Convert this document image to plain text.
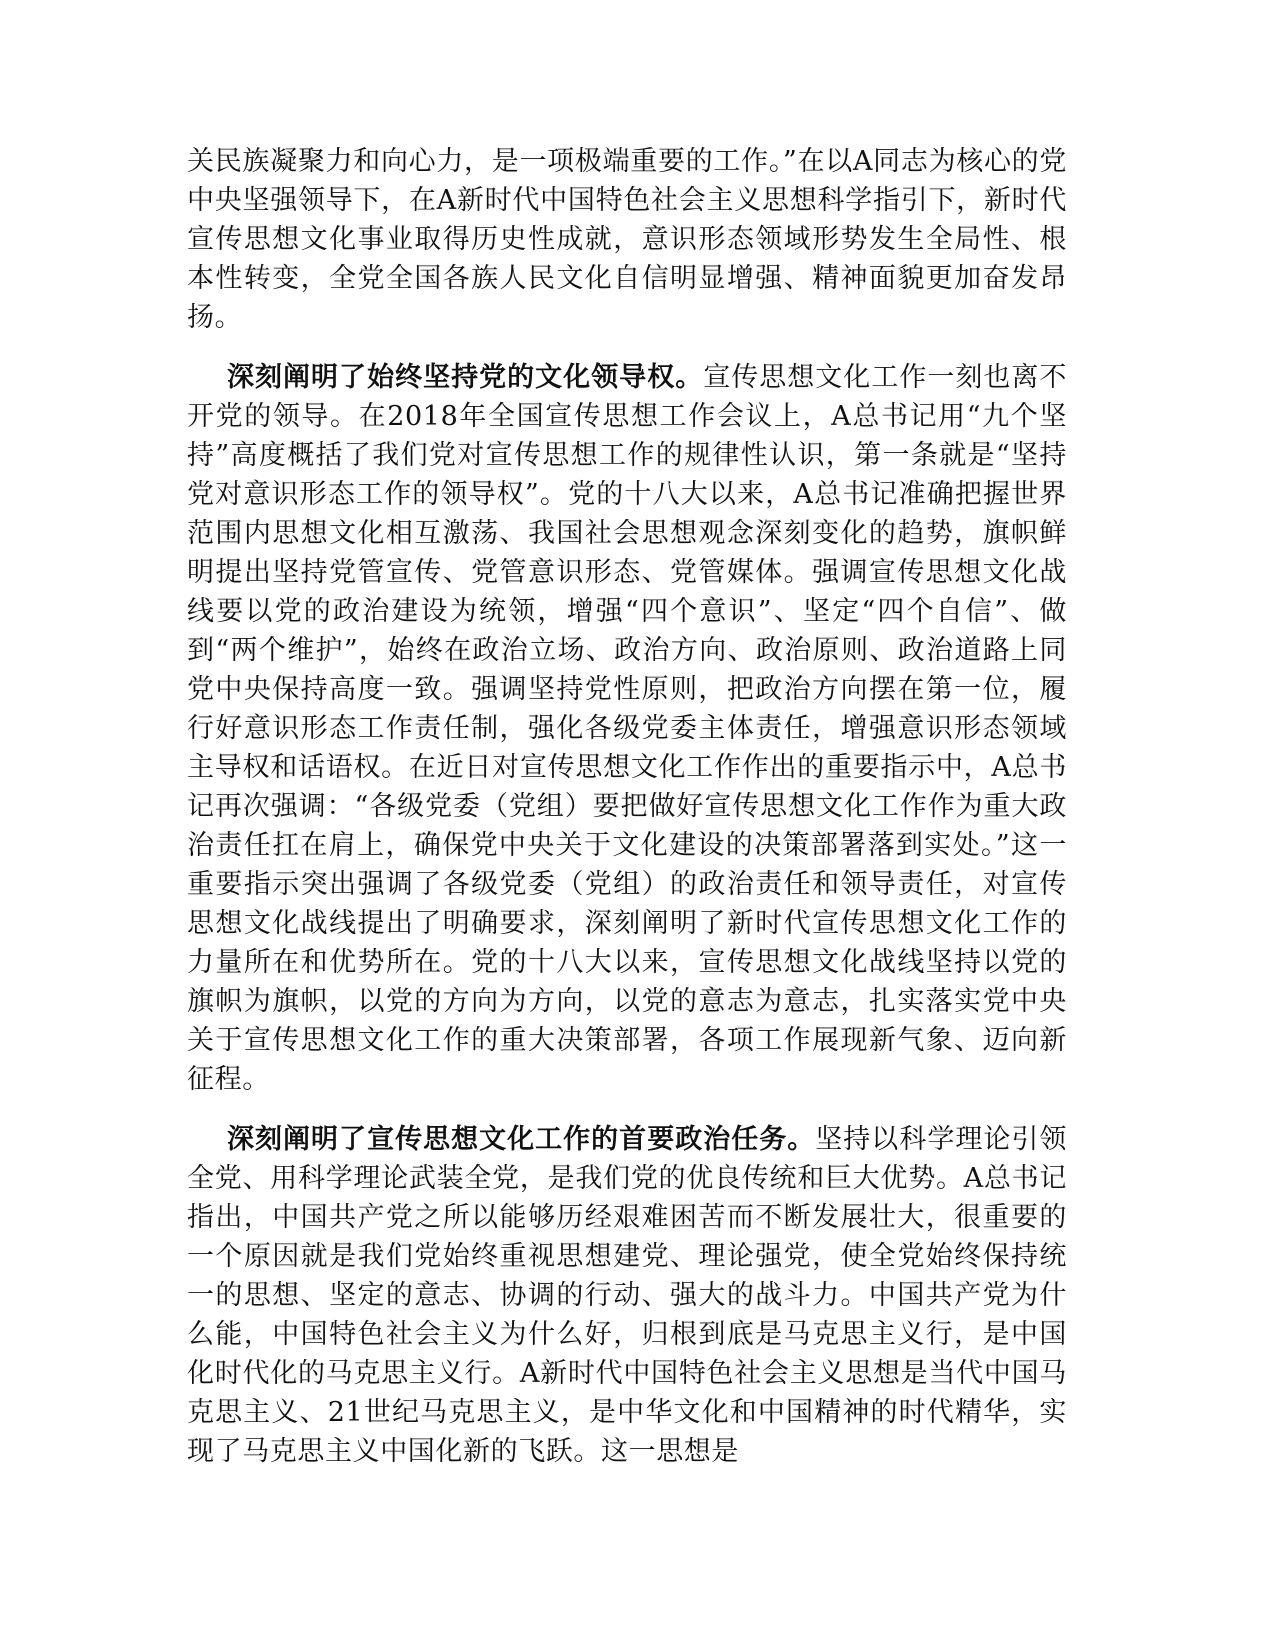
关民族凝聚力和向心力，是一项极端重要的工作。”在以A同志为核心的党中央坚强领导下，在A新时代中国特色社会主义思想科学指引下，新时代宣传思想文化事业取得历史性成就，意识形态领域形势发生全局性、根本性转变，全党全国各族人民文化自信明显增强、精神面貌更加奋发昂扬。

深刻阐明了始终坚持党的文化领导权。宣传思想文化工作一刻也离不开党的领导。在2018年全国宣传思想工作会议上，A总书记用“九个坚持”高度概括了我们党对宣传思想工作的规律性认识，第一条就是“坚持党对意识形态工作的领导权”。党的十八大以来，A总书记准确把握世界范围内思想文化相互激荡、我国社会思想观念深刻变化的趋势，旗帜鲜明提出坚持党管宣传、党管意识形态、党管媒体。强调宣传思想文化战线要以党的政治建设为统领，增强“四个意识”、坚定“四个自信”、做到“两个维护”，始终在政治立场、政治方向、政治原则、政治道路上同党中央保持高度一致。强调坚持党性原则，把政治方向摆在第一位，履行好意识形态工作责任制，强化各级党委主体责任，增强意识形态领域主导权和话语权。在近日对宣传思想文化工作作出的重要指示中，A总书记再次强调：“各级党委（党组）要把做好宣传思想文化工作作为重大政治责任扛在肩上，确保党中央关于文化建设的决策部署落到实处。”这一重要指示突出强调了各级党委（党组）的政治责任和领导责任，对宣传思想文化战线提出了明确要求，深刻阐明了新时代宣传思想文化工作的力量所在和优势所在。党的十八大以来，宣传思想文化战线坚持以党的旗帜为旗帜，以党的方向为方向，以党的意志为意志，扎实落实党中央关于宣传思想文化工作的重大决策部署，各项工作展现新气象、迈向新征程。

深刻阐明了宣传思想文化工作的首要政治任务。坚持以科学理论引领全党、用科学理论武装全党，是我们党的优良传统和巨大优势。A总书记指出，中国共产党之所以能够历经艰难困苦而不断发展壮大，很重要的一个原因就是我们党始终重视思想建党、理论强党，使全党始终保持统一的思想、坚定的意志、协调的行动、强大的战斗力。中国共产党为什么能，中国特色社会主义为什么好，归根到底是马克思主义行，是中国化时代化的马克思主义行。A新时代中国特色社会主义思想是当代中国马克思主义、21世纪马克思主义，是中华文化和中国精神的时代精华，实现了马克思主义中国化新的飞跃。这一思想是
